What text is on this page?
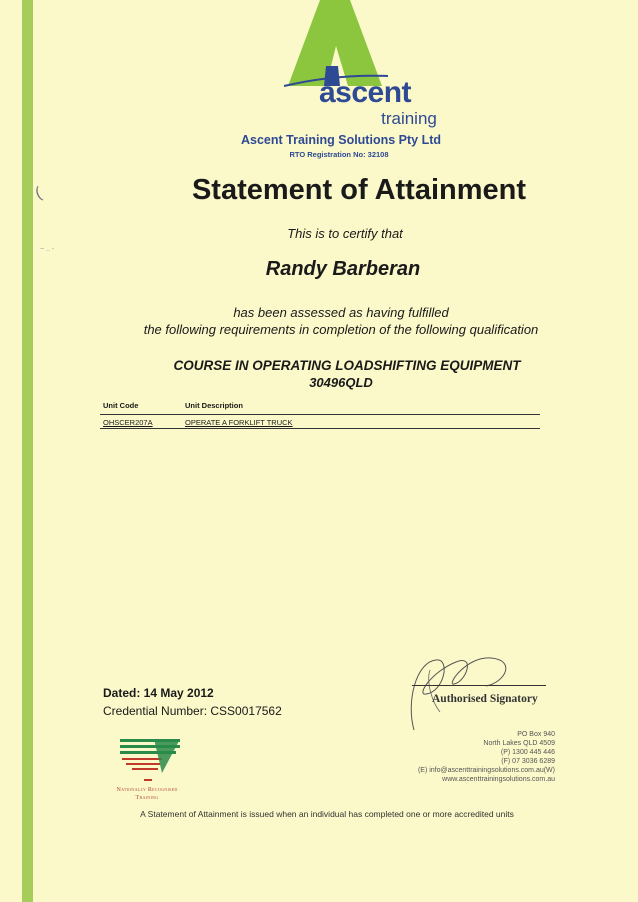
(
~ .. -
ascent
training
Ascent Training Solutions Pty Ltd
RTO Registration No: 32108
Statement of Attainment
This is to certify that
Randy Barberan
has been assessed as having fulfilled
the following requirements in completion of the following qualification
COURSE IN OPERATING LOADSHIFTING EQUIPMENT
30496QLD
Unit Code	Unit Description
OHSCER207A	OPERATE A FORKLIFT TRUCK
Dated: 14 May 2012
Credential Number: CSS0017562
Authorised Signatory
PO Box 940
North Lakes QLD 4509
(P) 1300 445 446
(F) 07 3036 6289
(E) info@ascenttrainingsolutions.com.au(W)
www.ascenttrainingsolutions.com.au
Nationally Recognised
Training
A Statement of Attainment is issued when an individual has completed one or more accredited units
